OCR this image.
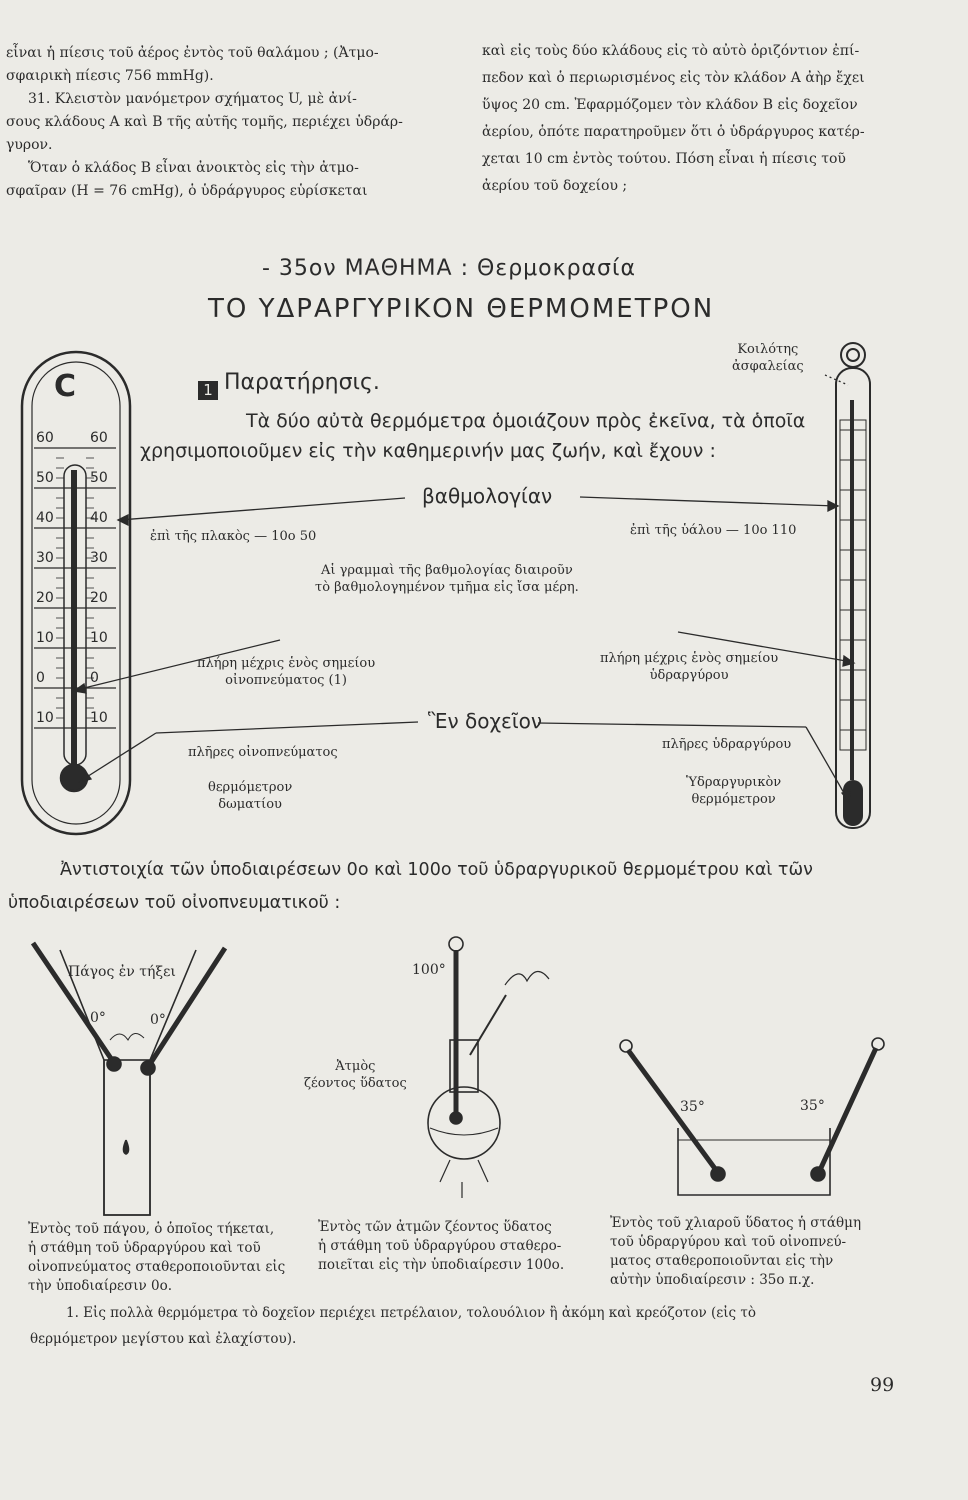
εἶναι ἡ πίεσις τοῦ ἀέρος ἐντὸς τοῦ θαλάμου ; (Ἀτμο-

σφαιρικὴ πίεσις 756 mmHg).

31. Κλειστὸν μανόμετρον σχήματος U, μὲ ἀνί-

σους κλάδους A καὶ B τῆς αὐτῆς τομῆς, περιέχει ὑδράρ-

γυρον.

Ὅταν ὁ κλάδος B εἶναι ἀνοικτὸς εἰς τὴν ἀτμο-

σφαῖραν (H = 76 cmHg), ὁ ὑδράργυρος εὑρίσκεται

καὶ εἰς τοὺς δύο κλάδους εἰς τὸ αὐτὸ ὁριζόντιον ἐπί-

πεδον καὶ ὁ περιωρισμένος εἰς τὸν κλάδον A ἀὴρ ἔχει

ὕψος 20 cm. Ἐφαρμόζομεν τὸν κλάδον B εἰς δοχεῖον

ἀερίου, ὁπότε παρατηροῦμεν ὅτι ὁ ὑδράργυρος κατέρ-

χεται 10 cm ἐντὸς τούτου. Πόση εἶναι ἡ πίεσις τοῦ

ἀερίου τοῦ δοχείου ;

- 35ον ΜΑΘΗΜΑ : Θερμοκρασία
ΤΟ ΥΔΡΑΡΓΥΡΙΚΟΝ ΘΕΡΜΟΜΕΤΡΟΝ
1 Παρατήρησις.
Τὰ δύο αὐτὰ θερμόμετρα ὁμοιάζουν πρὸς ἐκεῖνα, τὰ ὁποῖα
χρησιμοποιοῦμεν εἰς τὴν καθημερινήν μας ζωήν, καὶ ἔχουν :
C
60
50
40
30
20
10
0
10
60
50
40
30
20
10
0
10
θερμόμετρον
δωματίου
Κοιλότης
ἀσφαλείας
Ὑδραργυρικὸν
θερμόμετρον
βαθμολογίαν
ἐπὶ τῆς πλακὸς — 10ο 50	ἐπὶ τῆς ὑάλου — 10ο 110
Αἱ γραμμαὶ τῆς βαθμολογίας διαιροῦν
τὸ βαθμολογημένον τμῆμα εἰς ἴσα μέρη.
πλήρη μέχρις ἑνὸς σημείου
οἰνοπνεύματος (1)
πλήρη μέχρις ἑνὸς σημείου
ὑδραργύρου
Ἓν δοχεῖον
πλῆρες οἰνοπνεύματος
πλῆρες ὑδραργύρου
Ἀντιστοιχία τῶν ὑποδιαιρέσεων 0ο καὶ 100ο τοῦ ὑδραργυρικοῦ θερμομέτρου καὶ τῶν
ὑποδιαιρέσεων τοῦ οἰνοπνευματικοῦ :
Πάγος ἐν τήξει
0°	0°
100°
Ἀτμὸς
ζέοντος ὕδατος
35°	35°
Ἐντὸς τοῦ πάγου, ὁ ὁποῖος τήκεται,
ἡ στάθμη τοῦ ὑδραργύρου καὶ τοῦ
οἰνοπνεύματος σταθεροποιοῦνται εἰς
τὴν ὑποδιαίρεσιν 0ο.
Ἐντὸς τῶν ἀτμῶν ζέοντος ὕδατος
ἡ στάθμη τοῦ ὑδραργύρου σταθερο-
ποιεῖται εἰς τὴν ὑποδιαίρεσιν 100ο.
Ἐντὸς τοῦ χλιαροῦ ὕδατος ἡ στάθμη
τοῦ ὑδραργύρου καὶ τοῦ οἰνοπνεύ-
ματος σταθεροποιοῦνται εἰς τὴν
αὐτὴν ὑποδιαίρεσιν : 35ο π.χ.
1. Εἰς πολλὰ θερμόμετρα τὸ δοχεῖον περιέχει πετρέλαιον, τολουόλιον ἢ ἀκόμη καὶ κρεόζοτον (εἰς τὸ
θερμόμετρον μεγίστου καὶ ἐλαχίστου).
99
